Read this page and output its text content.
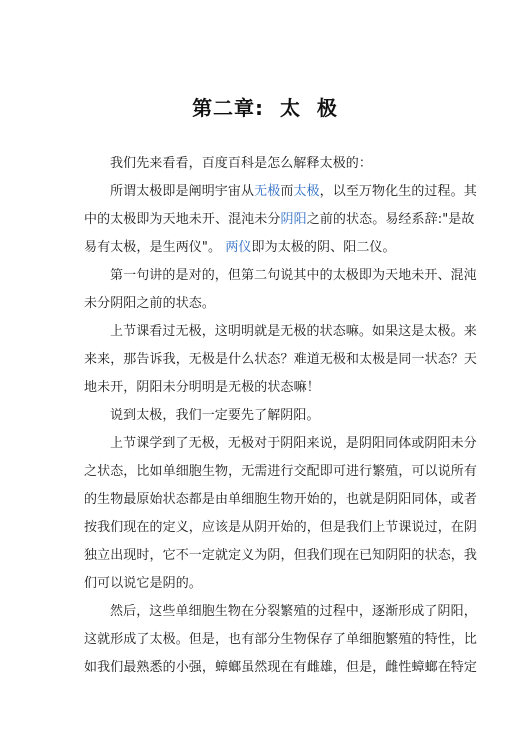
第二章:  太  极
我们先来看看，百度百科是怎么解释太极的：
所谓太极即是阐明宇宙从无极而太极，以至万物化生的过程。其
中的太极即为天地未开、混沌未分阴阳之前的状态。易经系辞:"是故
易有太极，是生两仪"。 两仪即为太极的阴、阳二仪。
第一句讲的是对的，但第二句说其中的太极即为天地未开、混沌
未分阴阳之前的状态。
上节课看过无极，这明明就是无极的状态嘛。如果这是太极。来
来来，那告诉我，无极是什么状态？难道无极和太极是同一状态？天
地未开，阴阳未分明明是无极的状态嘛！
说到太极，我们一定要先了解阴阳。
上节课学到了无极，无极对于阴阳来说，是阴阳同体或阴阳未分
之状态，比如单细胞生物，无需进行交配即可进行繁殖，可以说所有
的生物最原始状态都是由单细胞生物开始的，也就是阴阳同体，或者
按我们现在的定义，应该是从阴开始的，但是我们上节课说过，在阴
独立出现时，它不一定就定义为阴，但我们现在已知阴阳的状态，我
们可以说它是阴的。
然后，这些单细胞生物在分裂繁殖的过程中，逐渐形成了阴阳，
这就形成了太极。但是，也有部分生物保存了单细胞繁殖的特性，比
如我们最熟悉的小强，蟑螂虽然现在有雌雄，但是，雌性蟑螂在特定
